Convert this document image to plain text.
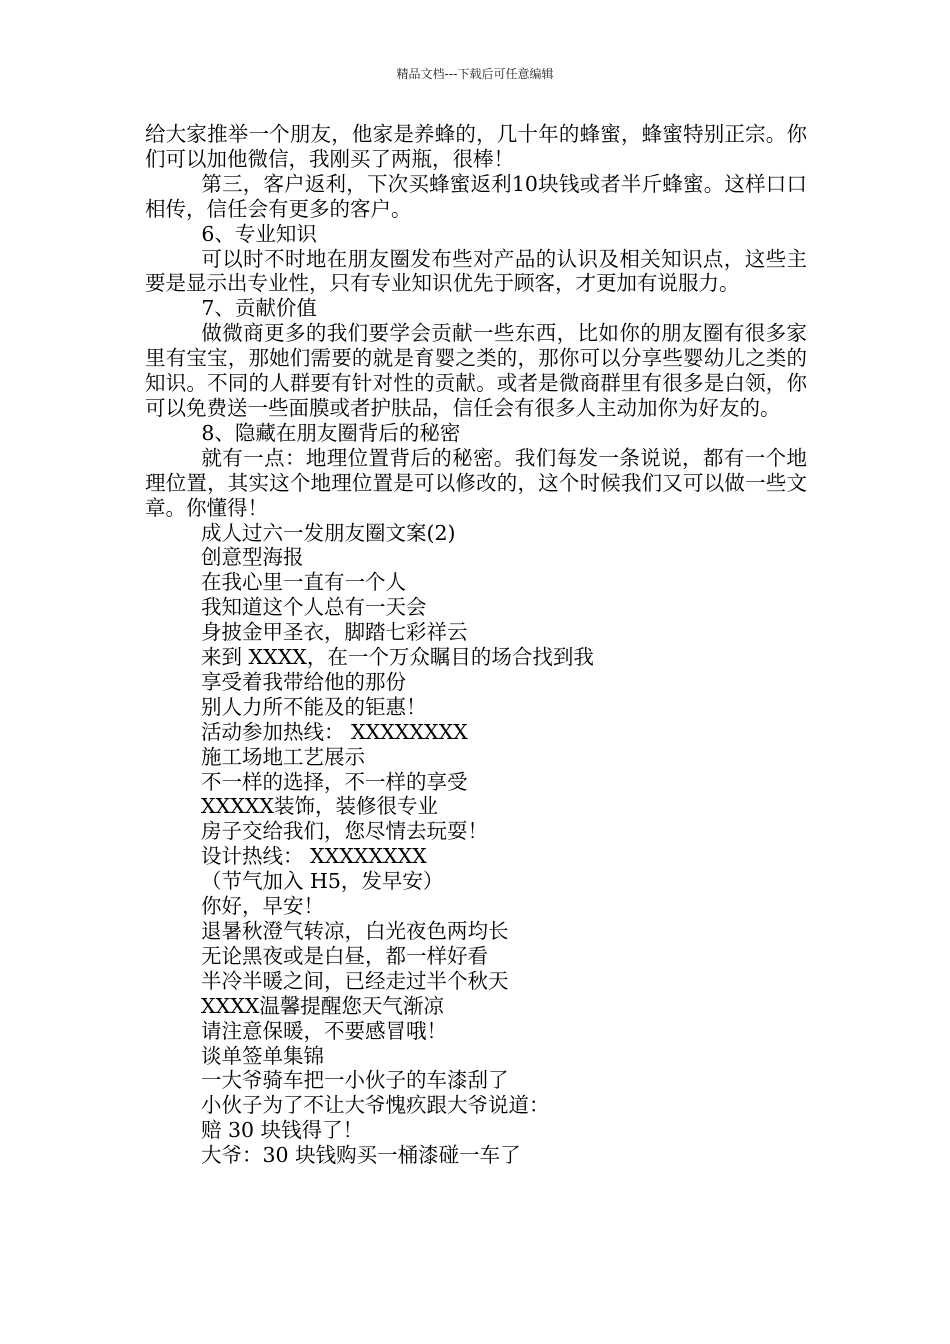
精品文档---下载后可任意编辑

给大家推举一个朋友，他家是养蜂的，几十年的蜂蜜，蜂蜜特别正宗。你们可以加他微信，我刚买了两瓶，很棒！

第三，客户返利，下次买蜂蜜返利10块钱或者半斤蜂蜜。这样口口相传，信任会有更多的客户。

6、专业知识

可以时不时地在朋友圈发布些对产品的认识及相关知识点，这些主要是显示出专业性，只有专业知识优先于顾客，才更加有说服力。

7、贡献价值

做微商更多的我们要学会贡献一些东西，比如你的朋友圈有很多家里有宝宝，那她们需要的就是育婴之类的，那你可以分享些婴幼儿之类的知识。不同的人群要有针对性的贡献。或者是微商群里有很多是白领，你可以免费送一些面膜或者护肤品，信任会有很多人主动加你为好友的。

8、隐藏在朋友圈背后的秘密

就有一点：地理位置背后的秘密。我们每发一条说说，都有一个地理位置，其实这个地理位置是可以修改的，这个时候我们又可以做一些文章。你懂得！

成人过六一发朋友圈文案(2)
创意型海报
在我心里一直有一个人
我知道这个人总有一天会
身披金甲圣衣，脚踏七彩祥云
来到 XXXX，在一个万众瞩目的场合找到我
享受着我带给他的那份
别人力所不能及的钜惠！
活动参加热线： XXXXXXXX
施工场地工艺展示
不一样的选择，不一样的享受
XXXXX装饰，装修很专业
房子交给我们，您尽情去玩耍！
设计热线： XXXXXXXX
（节气加入 H5，发早安）
你好，早安！
退暑秋澄气转凉，白光夜色两均长
无论黑夜或是白昼，都一样好看
半冷半暖之间，已经走过半个秋天
XXXX温馨提醒您天气渐凉
请注意保暖，不要感冒哦！
谈单签单集锦
一大爷骑车把一小伙子的车漆刮了
小伙子为了不让大爷愧疚跟大爷说道：
赔 30 块钱得了！
大爷：30 块钱购买一桶漆碰一车了
